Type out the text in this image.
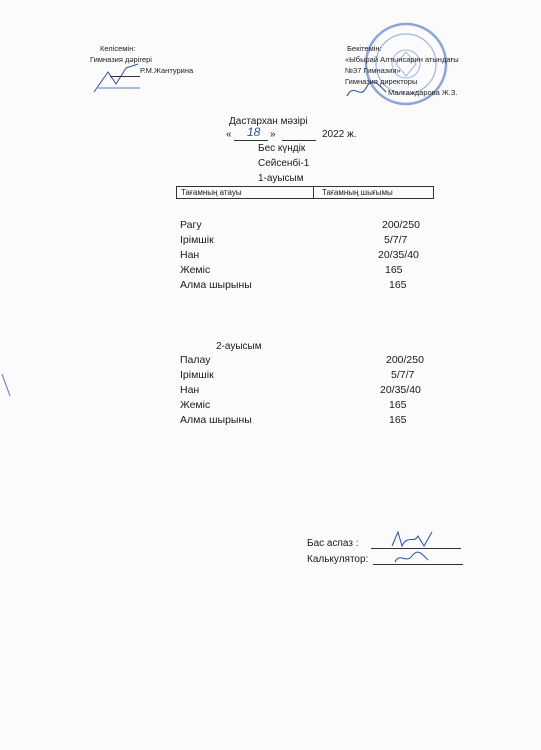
Келісемін:
Гимназия дәрігері
Р.М.Жантурина
Бекітемін:
«Ыбырай Алтынсарин атындағы
№37 Гимназия»
Гимназия директоры
Малғаждарова Ж.З.
Дастархан мәзірі
« 18 »	2022 ж.
Бес күндік
Сейсенбі-1
1-ауысым
Тағамның атауы	Тағамның шығымы
Рагу	200/250
Ірімшік	5/7/7
Нан	20/35/40
Жеміс	165
Алма шырыны	165
2-ауысым
Палау	200/250
Ірімшік	5/7/7
Нан	20/35/40
Жеміс	165
Алма шырыны	165
Бас аспаз :
Калькулятор:
